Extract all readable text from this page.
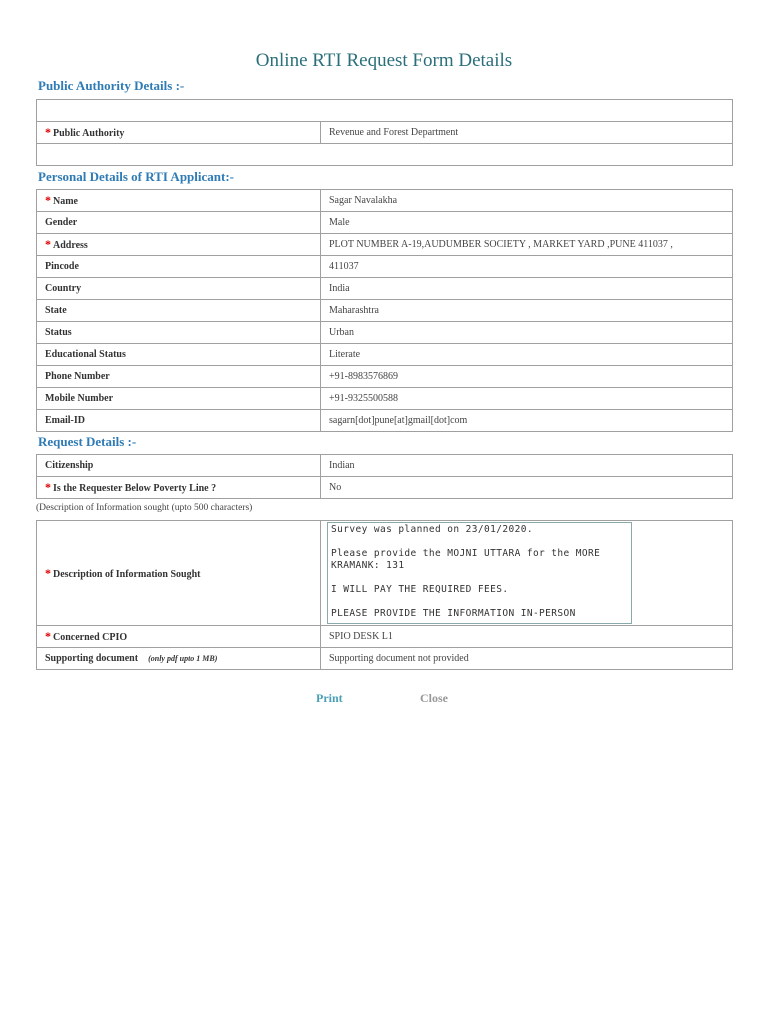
Online RTI Request Form Details
Public Authority Details :-

* Public Authority	Revenue and Forest Department

Personal Details of RTI Applicant:-
* Name	Sagar Navalakha
Gender	Male
* Address	PLOT NUMBER A-19,AUDUMBER SOCIETY , MARKET YARD ,PUNE 411037 ,
Pincode	411037
Country	India
State	Maharashtra
Status	Urban
Educational Status	Literate
Phone Number	+91-8983576869
Mobile Number	+91-9325500588
Email-ID	sagarn[dot]pune[at]gmail[dot]com
Request Details :-
Citizenship	Indian
* Is the Requester Below Poverty Line ?	No
(Description of Information sought (upto 500 characters)
* Description of Information Sought	Survey was planned on 23/01/2020.

Please provide the MOJNI UTTARA for the MORE KRAMANK: 131

I WILL PAY THE REQUIRED FEES.

PLEASE PROVIDE THE INFORMATION IN-PERSON

* Concerned CPIO	SPIO DESK L1
Supporting document (only pdf upto 1 MB)	Supporting document not provided
Print	Close
